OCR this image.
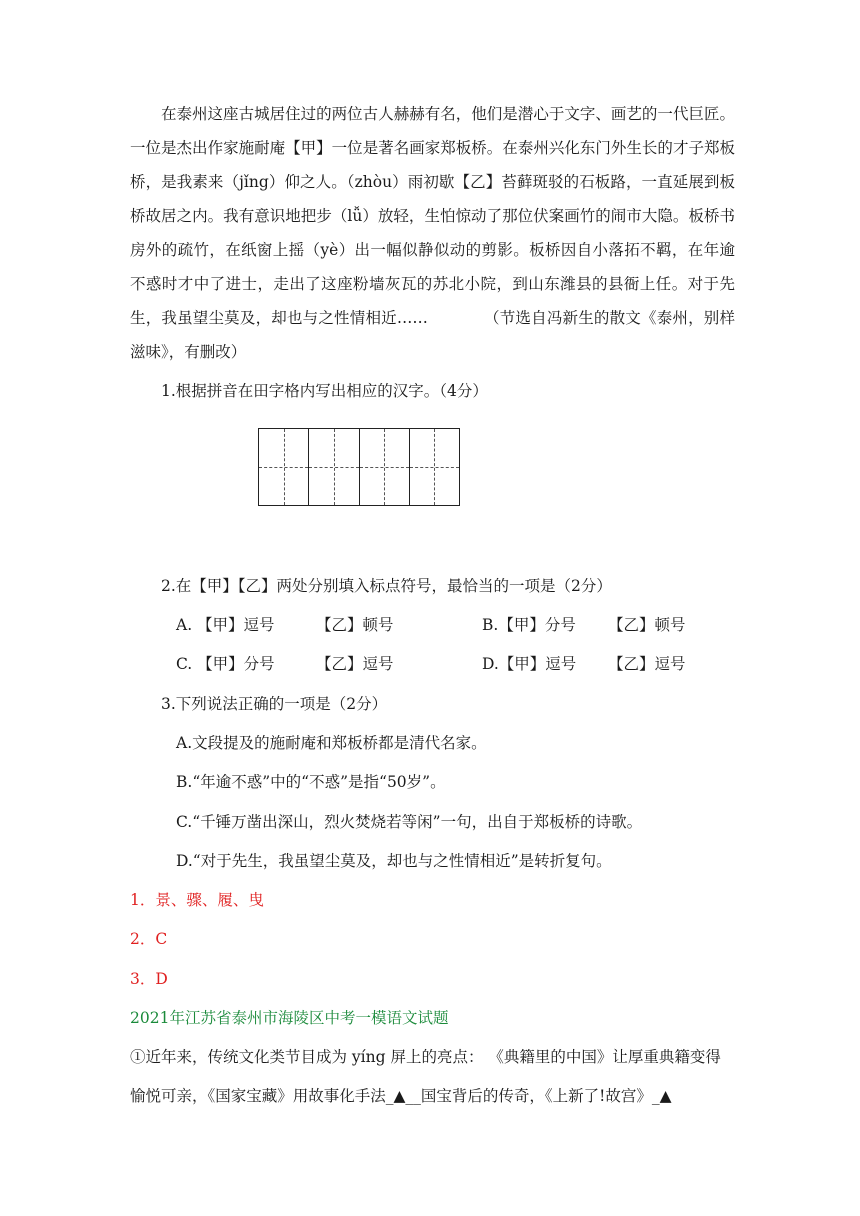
在泰州这座古城居住过的两位古人赫赫有名，他们是潜心于文字、画艺的一代巨匠。一位是杰出作家施耐庵【甲】一位是著名画家郑板桥。在泰州兴化东门外生长的才子郑板桥，是我素来（jǐng）仰之人。（zhòu）雨初歇【乙】苔藓斑驳的石板路，一直延展到板桥故居之内。我有意识地把步（lǚ）放轻，生怕惊动了那位伏案画竹的闹市大隐。板桥书房外的疏竹，在纸窗上摇（yè）出一幅似静似动的剪影。板桥因自小落拓不羁，在年逾不惑时才中了进士，走出了这座粉墙灰瓦的苏北小院，到山东潍县的县衙上任。对于先生，我虽望尘莫及，却也与之性情相近……	（节选自冯新生的散文《泰州，别样滋味》，有删改）

1.根据拼音在田字格内写出相应的汉字。（4分）
2.在【甲】【乙】两处分别填入标点符号，最恰当的一项是（2分）
A. 【甲】逗号	【乙】顿号	B.【甲】分号 【乙】顿号
C. 【甲】分号	【乙】逗号	D.【甲】逗号 【乙】逗号
3.下列说法正确的一项是（2分）
A.文段提及的施耐庵和郑板桥都是清代名家。
B.“年逾不惑”中的“不惑”是指“50岁”。
C.“千锤万凿出深山，烈火焚烧若等闲”一句，出自于郑板桥的诗歌。
D.“对于先生，我虽望尘莫及，却也与之性情相近”是转折复句。
1．景、骤、履、曳
2．C
3．D
2021年江苏省泰州市海陵区中考一模语文试题
①近年来，传统文化类节目成为 yíng 屏上的亮点： 《典籍里的中国》让厚重典籍变得
愉悦可亲，《国家宝藏》用故事化手法_▲__国宝背后的传奇，《上新了!故宫》_▲
